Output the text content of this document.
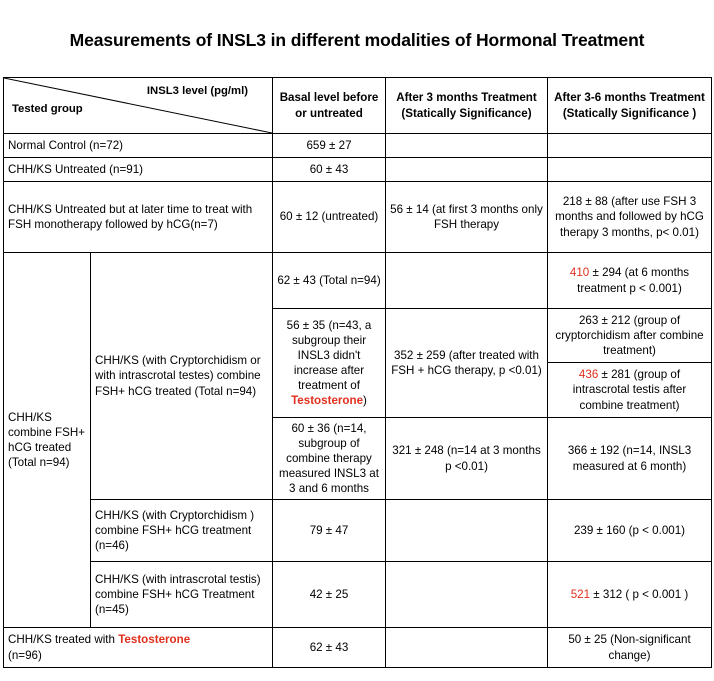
Measurements of INSL3 in different modalities of Hormonal Treatment
INSL3 level (pg/ml)
Tested group		Basal level before or untreated	After 3 months Treatment (Statically Significance)	After 3-6 months Treatment (Statically Significance )
Normal Control (n=72)		659 ± 27		
CHH/KS Untreated (n=91)		60 ± 43		
CHH/KS Untreated but at later time to treat with FSH monotherapy followed by hCG(n=7)		60 ± 12 (untreated)	56 ± 14 (at first 3 months only FSH therapy	218 ± 88 (after use FSH 3 months and followed by hCG therapy 3 months, p< 0.01)
CHH/KS combine FSH+ hCG treated (Total n=94)	CHH/KS (with Cryptorchidism or with intrascrotal testes) combine FSH+ hCG treated (Total n=94)	62 ± 43 (Total n=94)		410 ± 294 (at 6 months treatment p < 0.001)
		56 ± 35 (n=43, a subgroup their INSL3 didn't increase after treatment of Testosterone)	352 ± 259 (after treated with FSH + hCG therapy, p <0.01)	263 ± 212 (group of cryptorchidism after combine treatment)
				436 ± 281 (group of intrascrotal testis after combine treatment)
		60 ± 36 (n=14, subgroup of combine therapy measured INSL3 at 3 and 6 months	321 ± 248 (n=14 at 3 months p <0.01)	366 ± 192 (n=14, INSL3 measured at 6 month)

	CHH/KS (with Cryptorchidism ) combine FSH+ hCG treatment (n=46)	79 ± 47		239 ± 160 (p < 0.001)
	CHH/KS (with intrascrotal testis) combine FSH+ hCG Treatment (n=45)	42 ± 25		521 ± 312 ( p < 0.001 )

CHH/KS treated with Testosterone
(n=96)		62 ± 43		50 ± 25 (Non-significant change)
